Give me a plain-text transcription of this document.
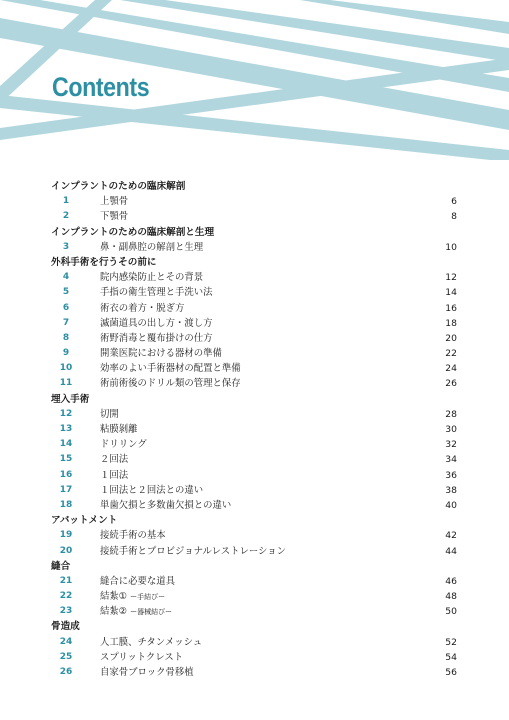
Contents
インプラントのための臨床解剖
1	上顎骨	6
2	下顎骨	8
インプラントのための臨床解剖と生理
3	鼻・副鼻腔の解剖と生理	10
外科手術を行うその前に
4	院内感染防止とその背景	12
5	手指の衛生管理と手洗い法	14
6	術衣の着方・脱ぎ方	16
7	滅菌道具の出し方・渡し方	18
8	術野消毒と覆布掛けの仕方	20
9	開業医院における器材の準備	22
10	効率のよい手術器材の配置と準備	24
11	術前術後のドリル類の管理と保存	26
埋入手術
12	切開	28
13	粘膜剝離	30
14	ドリリング	32
15	２回法	34
16	１回法	36
17	１回法と２回法との違い	38
18	単歯欠損と多数歯欠損との違い	40
アバットメント
19	接続手術の基本	42
20	接続手術とプロビジョナルレストレーション	44
縫合
21	縫合に必要な道具	46
22	結紮① ー手結びー	48
23	結紮② ー器械結びー	50
骨造成
24	人工膜、チタンメッシュ	52
25	スプリットクレスト	54
26	自家骨ブロック骨移植	56
